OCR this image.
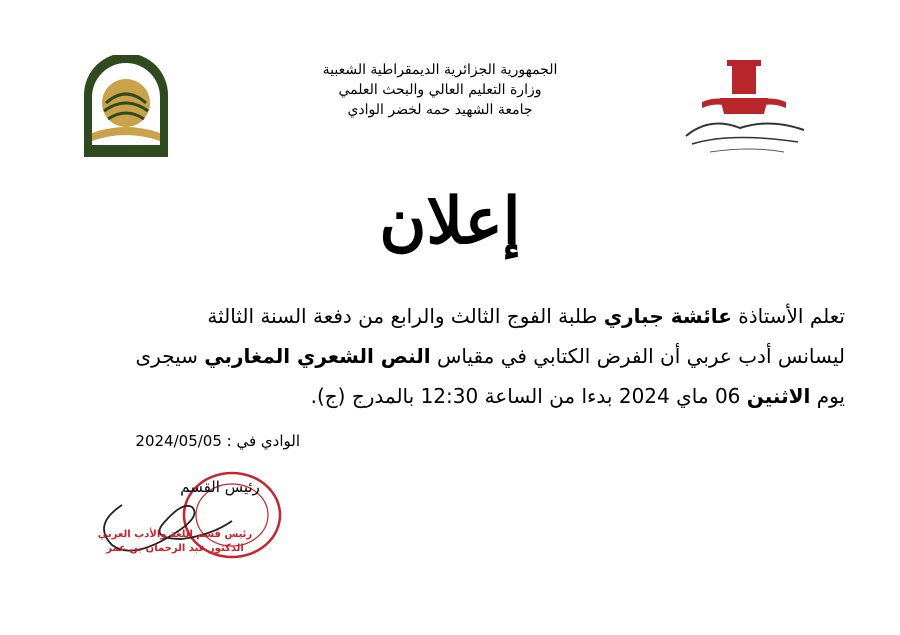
الجمهورية الجزائرية الديمقراطية الشعبية
وزارة التعليم العالي والبحث العلمي
جامعة الشهيد حمه لخضر الوادي
إعلان
تعلم الأستاذة عائشة جباري طلبة الفوج الثالث والرابع من دفعة السنة الثالثة
ليسانس أدب عربي أن الفرض الكتابي في مقياس النص الشعري المغاربي سيجرى
يوم الاثنين 06 ماي 2024 بدءا من الساعة 12:30 بالمدرج (ج).
الوادي في : 2024/05/05
رئيس القسم
رئيس قسم اللغة والأدب العربي
الدكتور عبد الرحمان بن عمر
